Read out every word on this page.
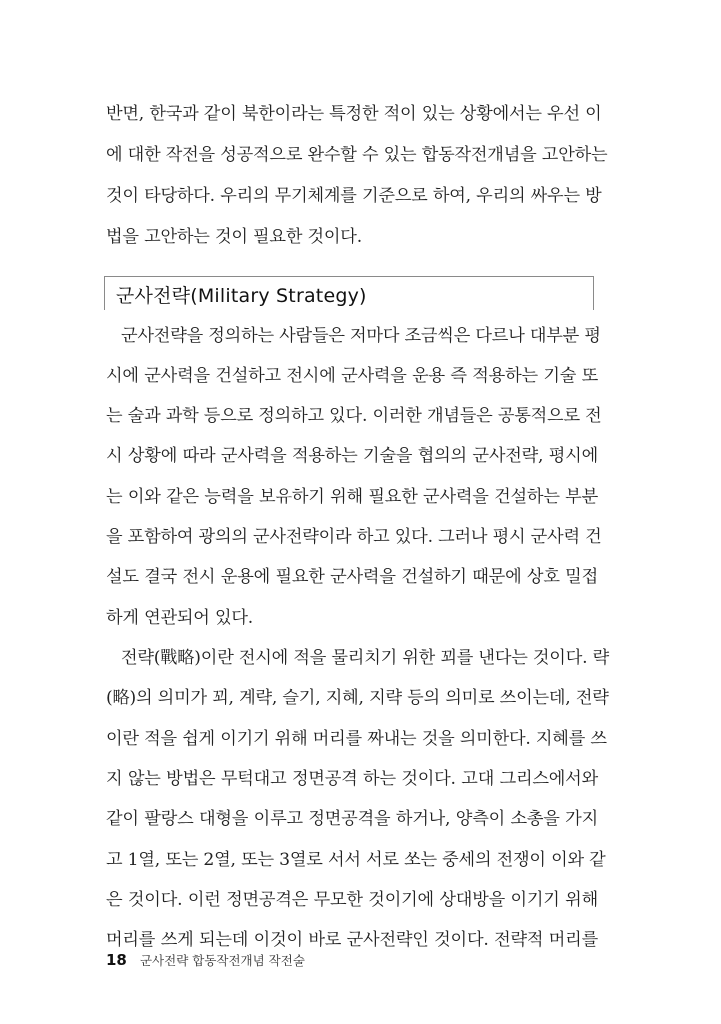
반면, 한국과 같이 북한이라는 특정한 적이 있는 상황에서는 우선 이
에 대한 작전을 성공적으로 완수할 수 있는 합동작전개념을 고안하는
것이 타당하다. 우리의 무기체계를 기준으로 하여, 우리의 싸우는 방
법을 고안하는 것이 필요한 것이다.
군사전략(Military Strategy)
군사전략을 정의하는 사람들은 저마다 조금씩은 다르나 대부분 평
시에 군사력을 건설하고 전시에 군사력을 운용 즉 적용하는 기술 또
는 술과 과학 등으로 정의하고 있다. 이러한 개념들은 공통적으로 전
시 상황에 따라 군사력을 적용하는 기술을 협의의 군사전략, 평시에
는 이와 같은 능력을 보유하기 위해 필요한 군사력을 건설하는 부분
을 포함하여 광의의 군사전략이라 하고 있다. 그러나 평시 군사력 건
설도 결국 전시 운용에 필요한 군사력을 건설하기 때문에 상호 밀접
하게 연관되어 있다.
전략(戰略)이란 전시에 적을 물리치기 위한 꾀를 낸다는 것이다. 략
(略)의 의미가 꾀, 계략, 슬기, 지혜, 지략 등의 의미로 쓰이는데, 전략
이란 적을 쉽게 이기기 위해 머리를 짜내는 것을 의미한다. 지혜를 쓰
지 않는 방법은 무턱대고 정면공격 하는 것이다. 고대 그리스에서와
같이 팔랑스 대형을 이루고 정면공격을 하거나, 양측이 소총을 가지
고 1열, 또는 2열, 또는 3열로 서서 서로 쏘는 중세의 전쟁이 이와 같
은 것이다. 이런 정면공격은 무모한 것이기에 상대방을 이기기 위해
머리를 쓰게 되는데 이것이 바로 군사전략인 것이다. 전략적 머리를
18 군사전략 합동작전개념 작전술
